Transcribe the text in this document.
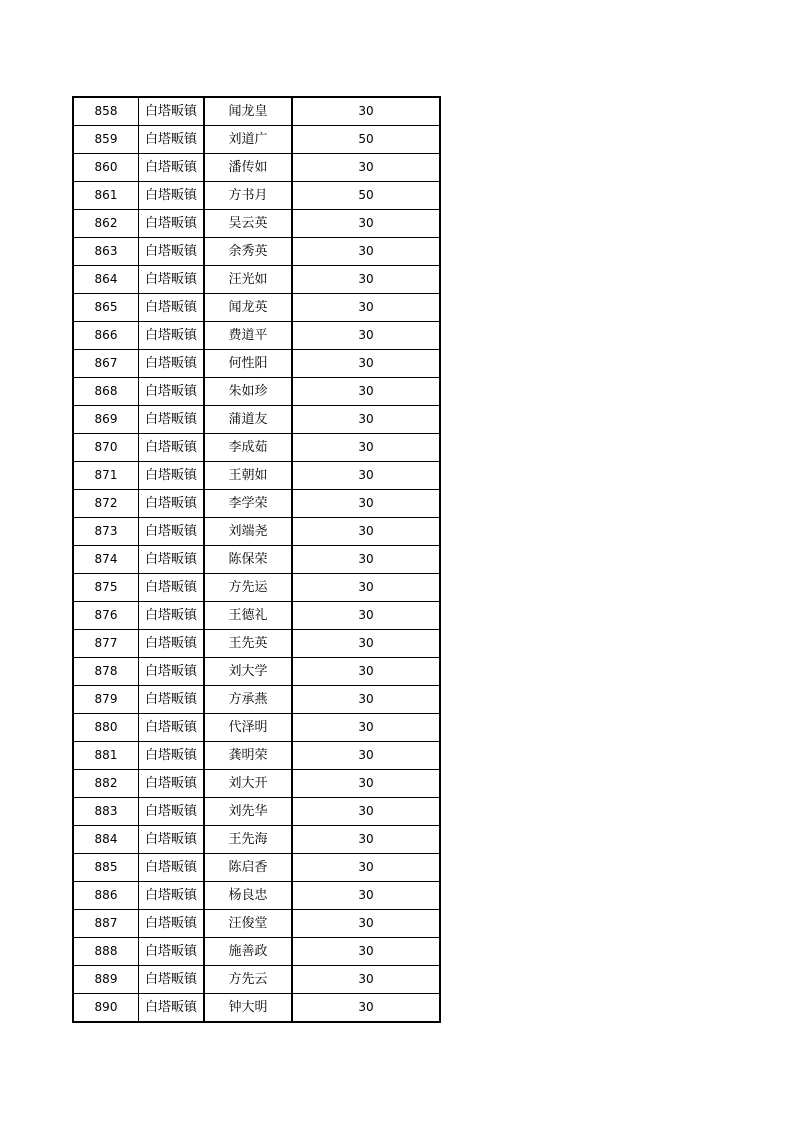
858	白塔畈镇	闻龙皇	30
859	白塔畈镇	刘道广	50
860	白塔畈镇	潘传如	30
861	白塔畈镇	方书月	50
862	白塔畈镇	吴云英	30
863	白塔畈镇	余秀英	30
864	白塔畈镇	汪光如	30
865	白塔畈镇	闻龙英	30
866	白塔畈镇	费道平	30
867	白塔畈镇	何性阳	30
868	白塔畈镇	朱如珍	30
869	白塔畈镇	蒲道友	30
870	白塔畈镇	李成茹	30
871	白塔畈镇	王朝如	30
872	白塔畈镇	李学荣	30
873	白塔畈镇	刘端尧	30
874	白塔畈镇	陈保荣	30
875	白塔畈镇	方先运	30
876	白塔畈镇	王德礼	30
877	白塔畈镇	王先英	30
878	白塔畈镇	刘大学	30
879	白塔畈镇	方承燕	30
880	白塔畈镇	代泽明	30
881	白塔畈镇	龚明荣	30
882	白塔畈镇	刘大开	30
883	白塔畈镇	刘先华	30
884	白塔畈镇	王先海	30
885	白塔畈镇	陈启香	30
886	白塔畈镇	杨良忠	30
887	白塔畈镇	汪俊堂	30
888	白塔畈镇	施善政	30
889	白塔畈镇	方先云	30
890	白塔畈镇	钟大明	30
